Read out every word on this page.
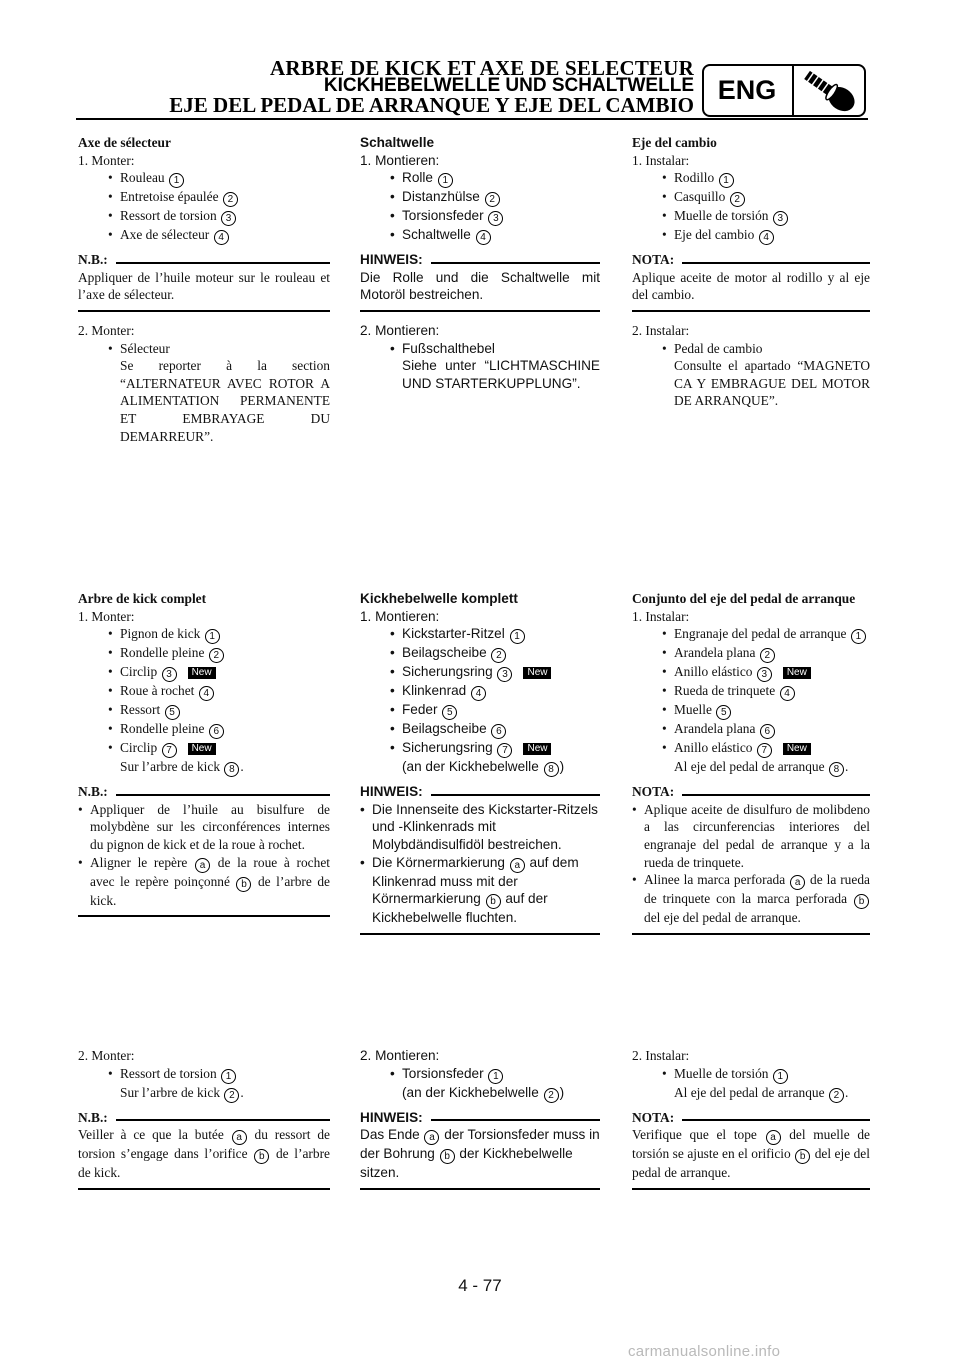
ARBRE DE KICK ET AXE DE SELECTEUR
KICKHEBELWELLE UND SCHALTWELLE
EJE DEL PEDAL DE ARRANQUE Y EJE DEL CAMBIO ENG
Axe de sélecteur
1. Monter:
• Rouleau 1
• Entretoise épaulée 2
• Ressort de torsion 3
• Axe de sélecteur 4
N.B.:
Appliquer de l’huile moteur sur le rouleau et l’axe de sélecteur.
2. Monter:
• Sélecteur
Se reporter à la section “ALTERNATEUR AVEC ROTOR A ALIMENTATION PERMANENTE ET EMBRAYAGE DU DEMARREUR”.
Schaltwelle
1. Montieren:
• Rolle 1
• Distanzhülse 2
• Torsionsfeder 3
• Schaltwelle 4
HINWEIS:
Die Rolle und die Schaltwelle mit Motoröl bestreichen.
2. Montieren:
• Fußschalthebel
Siehe unter “LICHTMASCHINE UND STARTERKUPPLUNG”.
Eje del cambio
1. Instalar:
• Rodillo 1
• Casquillo 2
• Muelle de torsión 3
• Eje del cambio 4
NOTA:
Aplique aceite de motor al rodillo y al eje del cambio.
2. Instalar:
• Pedal de cambio
Consulte el apartado “MAGNETO CA Y EMBRAGUE DEL MOTOR DE ARRANQUE”.
Arbre de kick complet
1. Monter:
• Pignon de kick 1
• Rondelle pleine 2
• Circlip 3 New
• Roue à rochet 4
• Ressort 5
• Rondelle pleine 6
• Circlip 7 New
Sur l’arbre de kick 8 .
N.B.:
• Appliquer de l’huile au bisulfure de molybdène sur les circonférences internes du pignon de kick et de la roue à rochet.
• Aligner le repère a de la roue à rochet avec le repère poinçonné b de l’arbre de kick.
Kickhebelwelle komplett
1. Montieren:
• Kickstarter-Ritzel 1
• Beilagscheibe 2
• Sicherungsring 3 New
• Klinkenrad 4
• Feder 5
• Beilagscheibe 6
• Sicherungsring 7 New
(an der Kickhebelwelle 8 )
HINWEIS:
• Die Innenseite des Kickstarter-Ritzels und -Klinkenrads mit Molybdändisulfidöl bestreichen.
• Die Körnermarkierung a auf dem Klinkenrad muss mit der Körnermarkierung b auf der Kickhebelwelle fluchten.
Conjunto del eje del pedal de arranque
1. Instalar:
• Engranaje del pedal de arranque 1
• Arandela plana 2
• Anillo elástico 3 New
• Rueda de trinquete 4
• Muelle 5
• Arandela plana 6
• Anillo elástico 7 New
Al eje del pedal de arranque 8 .
NOTA:
• Aplique aceite de disulfuro de molibdeno a las circunferencias interiores del engranaje del pedal de arranque y a la rueda de trinquete.
• Alinee la marca perforada a de la rueda de trinquete con la marca perforada b del eje del pedal de arranque.
2. Monter:
• Ressort de torsion 1
Sur l’arbre de kick 2 .
N.B.:
Veiller à ce que la butée a du ressort de torsion s’engage dans l’orifice b de l’arbre de kick.
2. Montieren:
• Torsionsfeder 1
(an der Kickhebelwelle 2 )
HINWEIS:
Das Ende a der Torsionsfeder muss in der Bohrung b der Kickhebelwelle sitzen.
2. Instalar:
• Muelle de torsión 1
Al eje del pedal de arranque 2 .
NOTA:
Verifique que el tope a del muelle de torsión se ajuste en el orificio b del eje del pedal de arranque.
4 - 77
carmanualsonline.info
